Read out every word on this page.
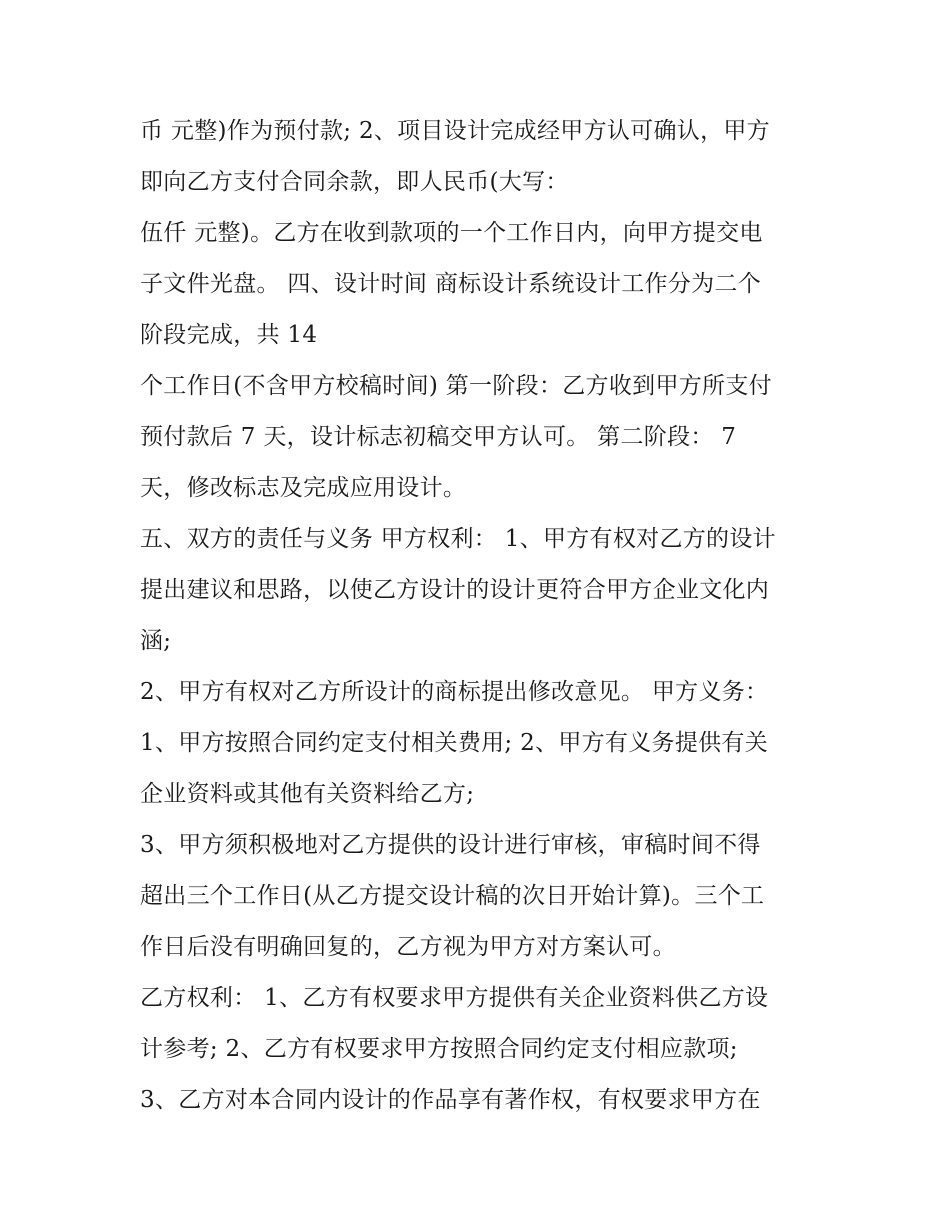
币 元整)作为预付款; 2、项目设计完成经甲方认可确认，甲方
即向乙方支付合同余款，即人民币(大写：
伍仟 元整)。乙方在收到款项的一个工作日内，向甲方提交电
子文件光盘。 四、设计时间 商标设计系统设计工作分为二个
阶段完成，共 14
个工作日(不含甲方校稿时间) 第一阶段：乙方收到甲方所支付
预付款后 7 天，设计标志初稿交甲方认可。 第二阶段： 7
天，修改标志及完成应用设计。
五、双方的责任与义务 甲方权利： 1、甲方有权对乙方的设计
提出建议和思路，以使乙方设计的设计更符合甲方企业文化内
涵;
2、甲方有权对乙方所设计的商标提出修改意见。 甲方义务：
1、甲方按照合同约定支付相关费用; 2、甲方有义务提供有关
企业资料或其他有关资料给乙方;
3、甲方须积极地对乙方提供的设计进行审核，审稿时间不得
超出三个工作日(从乙方提交设计稿的次日开始计算)。三个工
作日后没有明确回复的，乙方视为甲方对方案认可。
乙方权利： 1、乙方有权要求甲方提供有关企业资料供乙方设
计参考; 2、乙方有权要求甲方按照合同约定支付相应款项;
3、乙方对本合同内设计的作品享有著作权，有权要求甲方在
